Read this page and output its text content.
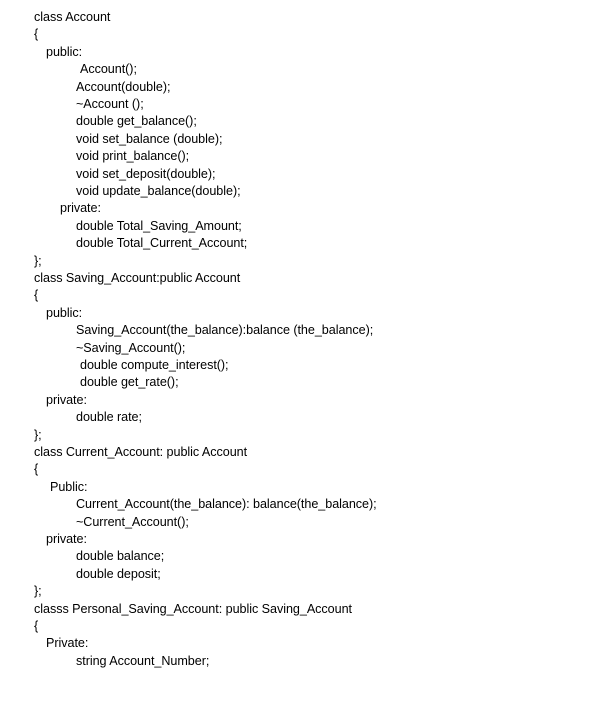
class Account
{
public:
Account();
Account(double);
~Account ();
double get_balance();
void set_balance (double);
void print_balance();
void set_deposit(double);
void update_balance(double);
private:
double Total_Saving_Amount;
double Total_Current_Account;
};
class Saving_Account:public Account
{
public:
Saving_Account(the_balance):balance (the_balance);
~Saving_Account();
double compute_interest();
double get_rate();
private:
double rate;
};
class Current_Account: public Account
{
Public:
Current_Account(the_balance): balance(the_balance);
~Current_Account();
private:
double balance;
double deposit;
};
classs Personal_Saving_Account: public Saving_Account
{
Private:
string Account_Number;
